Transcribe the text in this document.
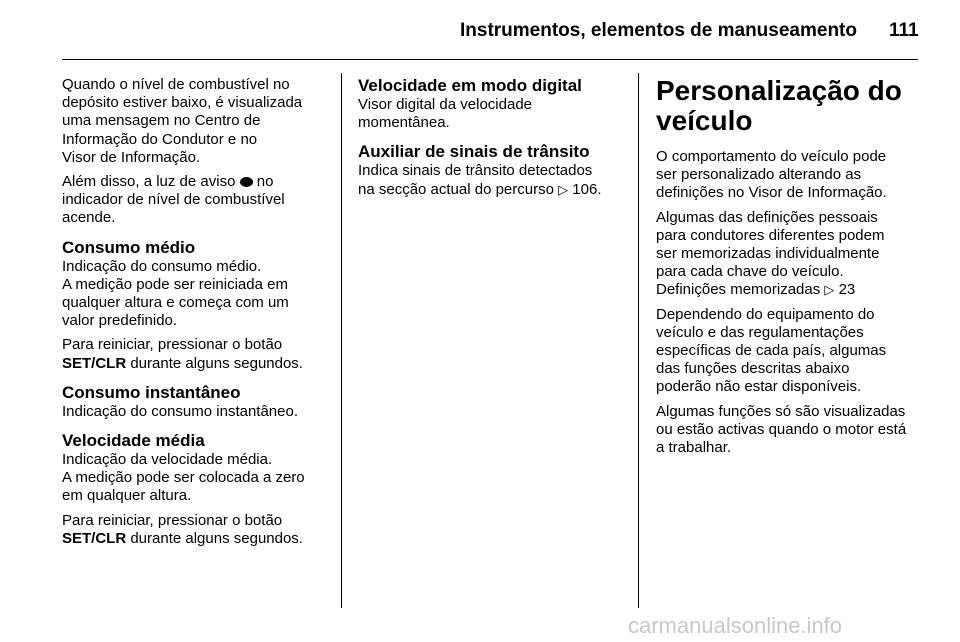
Instrumentos, elementos de manuseamento 111

Quando o nível de combustível no
depósito estiver baixo, é visualizada
uma mensagem no Centro de
Informação do Condutor e no
Visor de Informação.

Além disso, a luz de aviso no
indicador de nível de combustível
acende.

Consumo médio

Indicação do consumo médio.
A medição pode ser reiniciada em
qualquer altura e começa com um
valor predefinido.

Para reiniciar, pressionar o botão
SET/CLR durante alguns segundos.

Consumo instantâneo

Indicação do consumo instantâneo.

Velocidade média

Indicação da velocidade média.
A medição pode ser colocada a zero
em qualquer altura.

Para reiniciar, pressionar o botão
SET/CLR durante alguns segundos.

Velocidade em modo digital

Visor digital da velocidade
momentânea.

Auxiliar de sinais de trânsito

Indica sinais de trânsito detectados
na secção actual do percurso ▷ 106.

Personalização do
veículo

O comportamento do veículo pode
ser personalizado alterando as
definições no Visor de Informação.

Algumas das definições pessoais
para condutores diferentes podem
ser memorizadas individualmente
para cada chave do veículo.
Definições memorizadas ▷ 23

Dependendo do equipamento do
veículo e das regulamentações
específicas de cada país, algumas
das funções descritas abaixo
poderão não estar disponíveis.

Algumas funções só são visualizadas
ou estão activas quando o motor está
a trabalhar.

carmanualsonline.info
